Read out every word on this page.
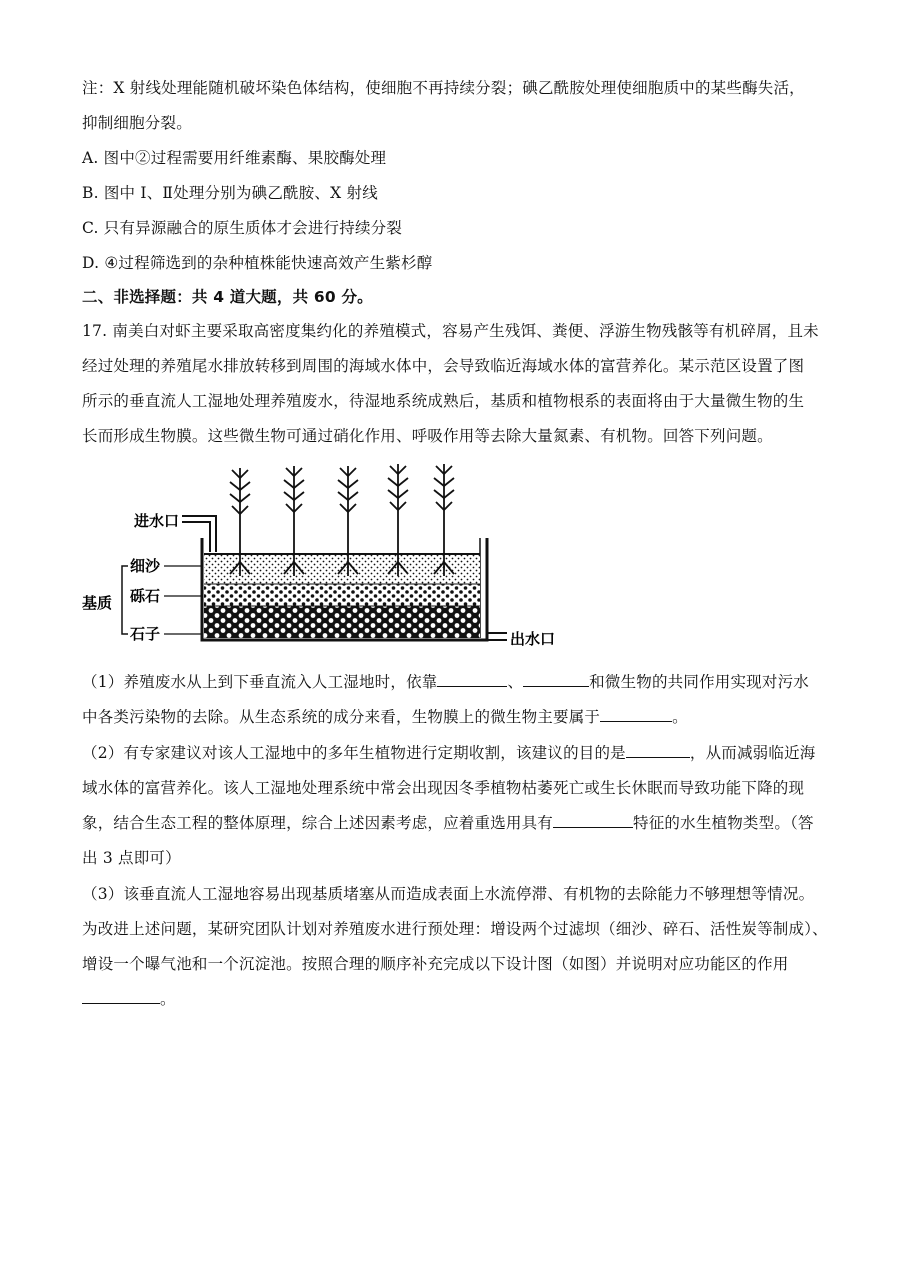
注：X 射线处理能随机破坏染色体结构，使细胞不再持续分裂；碘乙酰胺处理使细胞质中的某些酶失活，
抑制细胞分裂。
A. 图中②过程需要用纤维素酶、果胶酶处理
B. 图中 I、Ⅱ处理分别为碘乙酰胺、X 射线
C. 只有异源融合的原生质体才会进行持续分裂
D. ④过程筛选到的杂种植株能快速高效产生紫杉醇
二、非选择题：共 4 道大题，共 60 分。
17. 南美白对虾主要采取高密度集约化的养殖模式，容易产生残饵、粪便、浮游生物残骸等有机碎屑，且未
经过处理的养殖尾水排放转移到周围的海域水体中，会导致临近海域水体的富营养化。某示范区设置了图
所示的垂直流人工湿地处理养殖废水，待湿地系统成熟后，基质和植物根系的表面将由于大量微生物的生
长而形成生物膜。这些微生物可通过硝化作用、呼吸作用等去除大量氮素、有机物。回答下列问题。
进水口
细沙
砾石
基质
石子	出水口
（1）养殖废水从上到下垂直流入人工湿地时，依靠	、	和微生物的共同作用实现对污水
中各类污染物的去除。从生态系统的成分来看，生物膜上的微生物主要属于	。
（2）有专家建议对该人工湿地中的多年生植物进行定期收割，该建议的目的是	，从而减弱临近海
域水体的富营养化。该人工湿地处理系统中常会出现因冬季植物枯萎死亡或生长休眠而导致功能下降的现
象，结合生态工程的整体原理，综合上述因素考虑，应着重选用具有	特征的水生植物类型。（答
出 3 点即可）
（3）该垂直流人工湿地容易出现基质堵塞从而造成表面上水流停滞、有机物的去除能力不够理想等情况。
为改进上述问题，某研究团队计划对养殖废水进行预处理：增设两个过滤坝（细沙、碎石、活性炭等制成）、
增设一个曝气池和一个沉淀池。按照合理的顺序补充完成以下设计图（如图）并说明对应功能区的作用
。
